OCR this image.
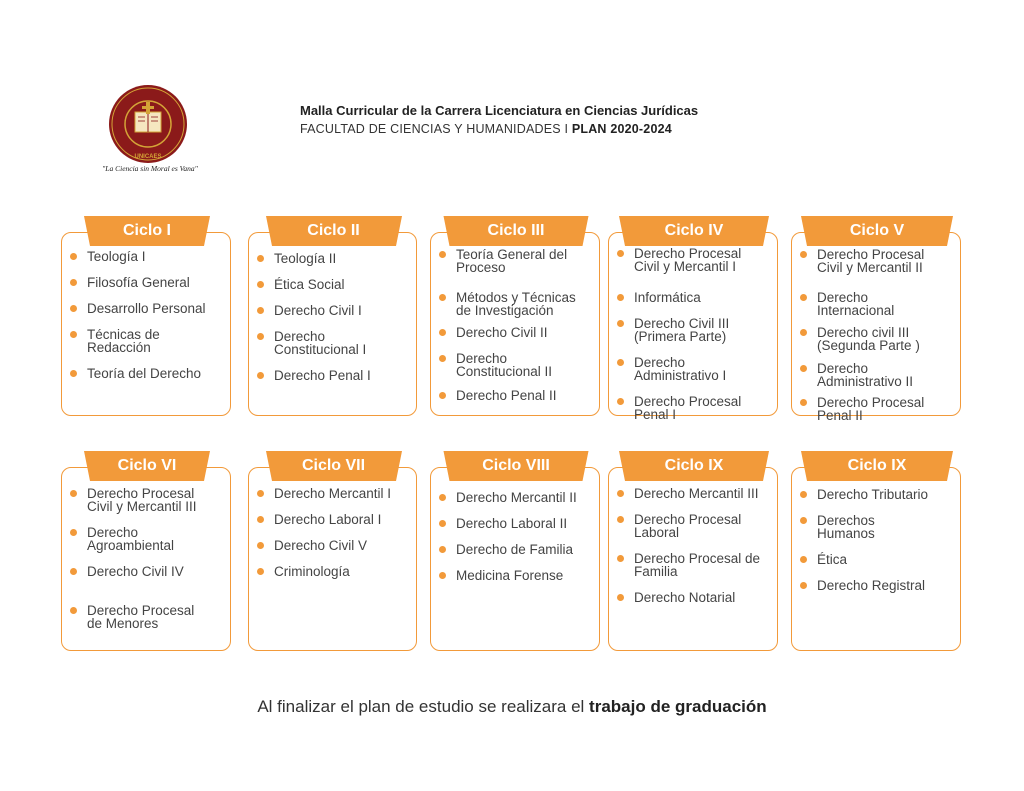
UNICAES
"La Ciencia sin Moral es Vana"
Malla Curricular de la Carrera Licenciatura en Ciencias Jurídicas
FACULTAD DE CIENCIAS Y HUMANIDADES I PLAN 2020-2024
Ciclo I
Teología I
Filosofía General
Desarrollo Personal
Técnicas de
Redacción
Teoría del Derecho
Ciclo II
Teología II
Ética Social
Derecho Civil I
Derecho
Constitucional I
Derecho Penal I
Ciclo III
Teoría General del
Proceso
Métodos y Técnicas
de Investigación
Derecho Civil II
Derecho
Constitucional II
Derecho Penal II
Ciclo IV
Derecho Procesal
Civil y Mercantil I
Informática
Derecho Civil III
(Primera Parte)
Derecho
Administrativo I
Derecho Procesal
Penal I
Ciclo V
Derecho Procesal
Civil y Mercantil II
Derecho
Internacional
Derecho civil III
(Segunda Parte )
Derecho
Administrativo II
Derecho Procesal
Penal II
Ciclo VI
Derecho Procesal
Civil y Mercantil III
Derecho
Agroambiental
Derecho Civil IV
Derecho Procesal
de Menores
Ciclo VII
Derecho Mercantil I
Derecho Laboral I
Derecho Civil V
Criminología
Ciclo VIII
Derecho Mercantil II
Derecho Laboral II
Derecho de Familia
Medicina Forense
Ciclo IX
Derecho Mercantil III
Derecho Procesal
Laboral
Derecho Procesal de
Familia
Derecho Notarial
Ciclo IX
Derecho Tributario
Derechos
Humanos
Ética
Derecho Registral
Al finalizar el plan de estudio se realizara el trabajo de graduación
